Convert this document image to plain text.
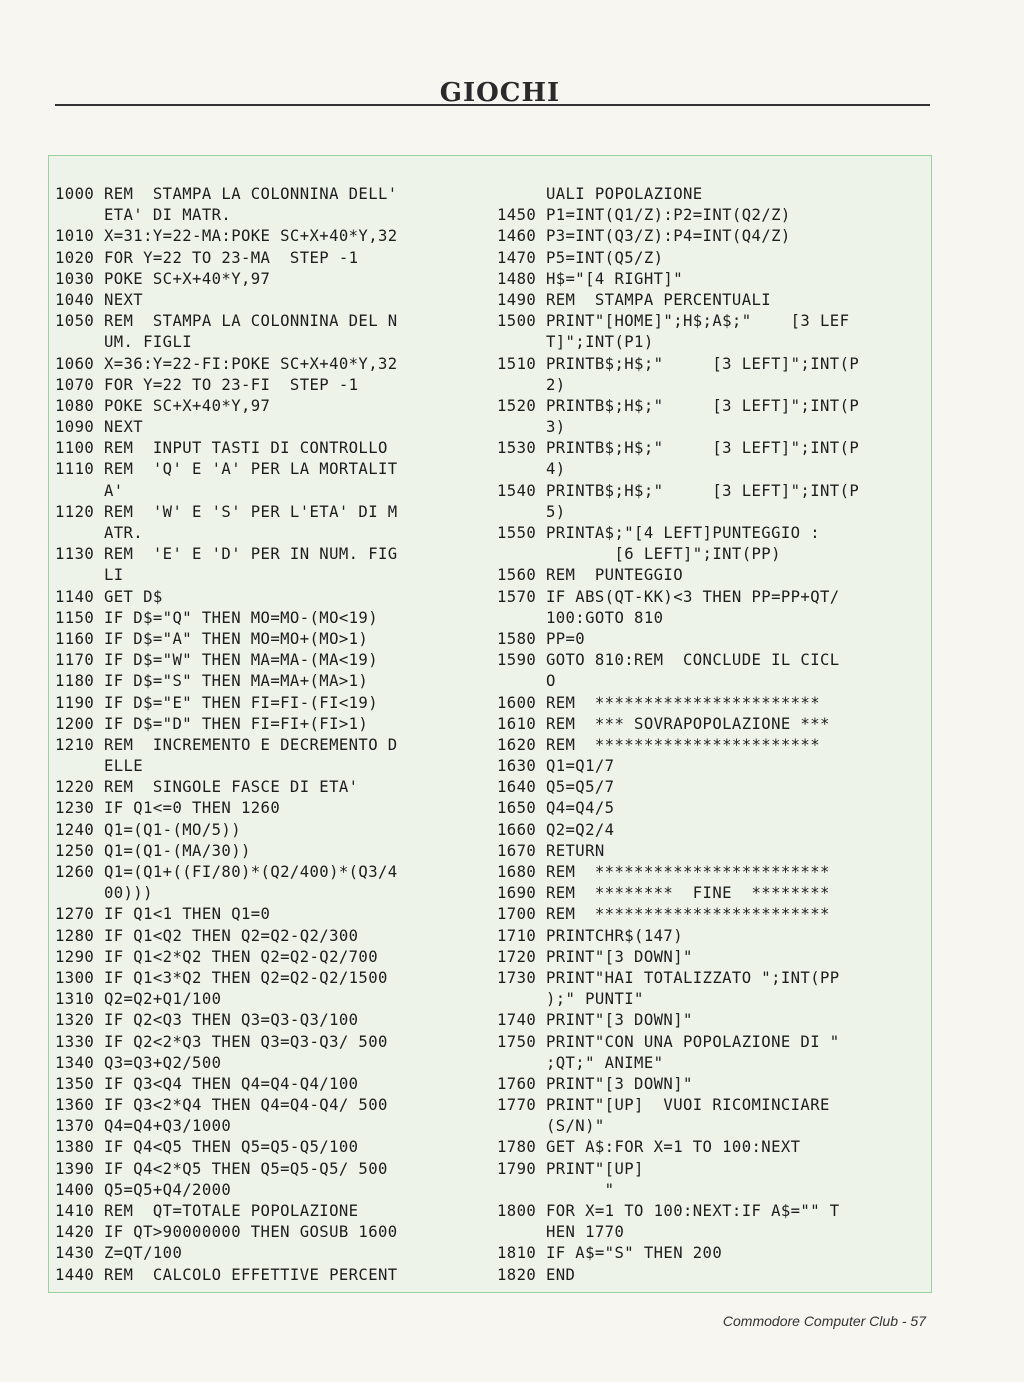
GIOCHI
1000 REM  STAMPA LA COLONNINA DELL'
ETA' DI MATR.
1010 X=31:Y=22-MA:POKE SC+X+40*Y,32
1020 FOR Y=22 TO 23-MA  STEP -1
1030 POKE SC+X+40*Y,97
1040 NEXT
1050 REM  STAMPA LA COLONNINA DEL N
UM. FIGLI
1060 X=36:Y=22-FI:POKE SC+X+40*Y,32
1070 FOR Y=22 TO 23-FI  STEP -1
1080 POKE SC+X+40*Y,97
1090 NEXT
1100 REM  INPUT TASTI DI CONTROLLO
1110 REM  'Q' E 'A' PER LA MORTALIT
A'
1120 REM  'W' E 'S' PER L'ETA' DI M
ATR.
1130 REM  'E' E 'D' PER IN NUM. FIG
LI
1140 GET D$
1150 IF D$="Q" THEN MO=MO-(MO<19)
1160 IF D$="A" THEN MO=MO+(MO>1)
1170 IF D$="W" THEN MA=MA-(MA<19)
1180 IF D$="S" THEN MA=MA+(MA>1)
1190 IF D$="E" THEN FI=FI-(FI<19)
1200 IF D$="D" THEN FI=FI+(FI>1)
1210 REM  INCREMENTO E DECREMENTO D
ELLE
1220 REM  SINGOLE FASCE DI ETA'
1230 IF Q1<=0 THEN 1260
1240 Q1=(Q1-(MO/5))
1250 Q1=(Q1-(MA/30))
1260 Q1=(Q1+((FI/80)*(Q2/400)*(Q3/4
00)))
1270 IF Q1<1 THEN Q1=0
1280 IF Q1<Q2 THEN Q2=Q2-Q2/300
1290 IF Q1<2*Q2 THEN Q2=Q2-Q2/700
1300 IF Q1<3*Q2 THEN Q2=Q2-Q2/1500
1310 Q2=Q2+Q1/100
1320 IF Q2<Q3 THEN Q3=Q3-Q3/100
1330 IF Q2<2*Q3 THEN Q3=Q3-Q3/ 500
1340 Q3=Q3+Q2/500
1350 IF Q3<Q4 THEN Q4=Q4-Q4/100
1360 IF Q3<2*Q4 THEN Q4=Q4-Q4/ 500
1370 Q4=Q4+Q3/1000
1380 IF Q4<Q5 THEN Q5=Q5-Q5/100
1390 IF Q4<2*Q5 THEN Q5=Q5-Q5/ 500
1400 Q5=Q5+Q4/2000
1410 REM  QT=TOTALE POPOLAZIONE
1420 IF QT>90000000 THEN GOSUB 1600
1430 Z=QT/100
1440 REM  CALCOLO EFFETTIVE PERCENT
UALI POPOLAZIONE
1450 P1=INT(Q1/Z):P2=INT(Q2/Z)
1460 P3=INT(Q3/Z):P4=INT(Q4/Z)
1470 P5=INT(Q5/Z)
1480 H$="[4 RIGHT]"
1490 REM  STAMPA PERCENTUALI
1500 PRINT"[HOME]";H$;A$;"    [3 LEF
T]";INT(P1)
1510 PRINTB$;H$;"     [3 LEFT]";INT(P
2)
1520 PRINTB$;H$;"     [3 LEFT]";INT(P
3)
1530 PRINTB$;H$;"     [3 LEFT]";INT(P
4)
1540 PRINTB$;H$;"     [3 LEFT]";INT(P
5)
1550 PRINTA$;"[4 LEFT]PUNTEGGIO :
[6 LEFT]";INT(PP)
1560 REM  PUNTEGGIO
1570 IF ABS(QT-KK)<3 THEN PP=PP+QT/
100:GOTO 810
1580 PP=0
1590 GOTO 810:REM  CONCLUDE IL CICL
O
1600 REM  ***********************
1610 REM  *** SOVRAPOPOLAZIONE ***
1620 REM  ***********************
1630 Q1=Q1/7
1640 Q5=Q5/7
1650 Q4=Q4/5
1660 Q2=Q2/4
1670 RETURN
1680 REM  ************************
1690 REM  ********  FINE  ********
1700 REM  ************************
1710 PRINTCHR$(147)
1720 PRINT"[3 DOWN]"
1730 PRINT"HAI TOTALIZZATO ";INT(PP
);" PUNTI"
1740 PRINT"[3 DOWN]"
1750 PRINT"CON UNA POPOLAZIONE DI "
;QT;" ANIME"
1760 PRINT"[3 DOWN]"
1770 PRINT"[UP]  VUOI RICOMINCIARE
(S/N)"
1780 GET A$:FOR X=1 TO 100:NEXT
1790 PRINT"[UP]
"
1800 FOR X=1 TO 100:NEXT:IF A$="" T
HEN 1770
1810 IF A$="S" THEN 200
1820 END
Commodore Computer Club - 57
